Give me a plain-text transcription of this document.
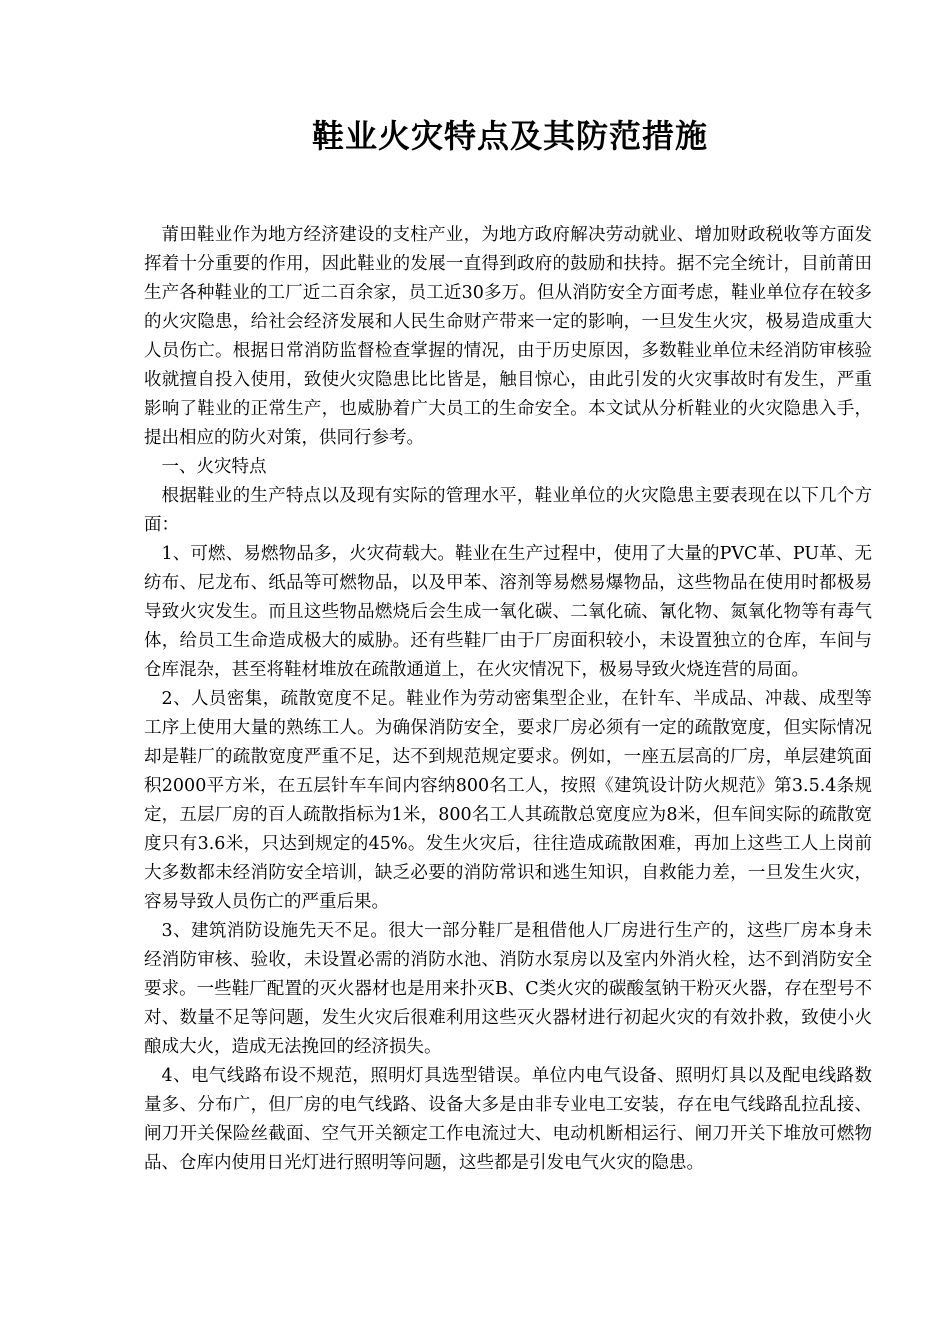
鞋业火灾特点及其防范措施

莆田鞋业作为地方经济建设的支柱产业，为地方政府解决劳动就业、增加财政税收等方面发挥着十分重要的作用，因此鞋业的发展一直得到政府的鼓励和扶持。据不完全统计，目前莆田生产各种鞋业的工厂近二百余家，员工近30多万。但从消防安全方面考虑，鞋业单位存在较多的火灾隐患，给社会经济发展和人民生命财产带来一定的影响，一旦发生火灾，极易造成重大人员伤亡。根据日常消防监督检查掌握的情况，由于历史原因，多数鞋业单位未经消防审核验收就擅自投入使用，致使火灾隐患比比皆是，触目惊心，由此引发的火灾事故时有发生，严重影响了鞋业的正常生产，也威胁着广大员工的生命安全。本文试从分析鞋业的火灾隐患入手，提出相应的防火对策，供同行参考。

一、火灾特点

根据鞋业的生产特点以及现有实际的管理水平，鞋业单位的火灾隐患主要表现在以下几个方面：

1、可燃、易燃物品多，火灾荷载大。鞋业在生产过程中，使用了大量的PVC革、PU革、无纺布、尼龙布、纸品等可燃物品，以及甲苯、溶剂等易燃易爆物品，这些物品在使用时都极易导致火灾发生。而且这些物品燃烧后会生成一氧化碳、二氧化硫、氰化物、氮氧化物等有毒气体，给员工生命造成极大的威胁。还有些鞋厂由于厂房面积较小，未设置独立的仓库，车间与仓库混杂，甚至将鞋材堆放在疏散通道上，在火灾情况下，极易导致火烧连营的局面。

2、人员密集，疏散宽度不足。鞋业作为劳动密集型企业，在针车、半成品、冲裁、成型等工序上使用大量的熟练工人。为确保消防安全，要求厂房必须有一定的疏散宽度，但实际情况却是鞋厂的疏散宽度严重不足，达不到规范规定要求。例如，一座五层高的厂房，单层建筑面积2000平方米，在五层针车车间内容纳800名工人，按照《建筑设计防火规范》第3.5.4条规定，五层厂房的百人疏散指标为1米，800名工人其疏散总宽度应为8米，但车间实际的疏散宽度只有3.6米，只达到规定的45%。发生火灾后，往往造成疏散困难，再加上这些工人上岗前大多数都未经消防安全培训，缺乏必要的消防常识和逃生知识，自救能力差，一旦发生火灾，容易导致人员伤亡的严重后果。

3、建筑消防设施先天不足。很大一部分鞋厂是租借他人厂房进行生产的，这些厂房本身未经消防审核、验收，未设置必需的消防水池、消防水泵房以及室内外消火栓，达不到消防安全要求。一些鞋厂配置的灭火器材也是用来扑灭B、C类火灾的碳酸氢钠干粉灭火器，存在型号不对、数量不足等问题，发生火灾后很难利用这些灭火器材进行初起火灾的有效扑救，致使小火酿成大火，造成无法挽回的经济损失。

4、电气线路布设不规范，照明灯具选型错误。单位内电气设备、照明灯具以及配电线路数量多、分布广，但厂房的电气线路、设备大多是由非专业电工安装，存在电气线路乱拉乱接、闸刀开关保险丝截面、空气开关额定工作电流过大、电动机断相运行、闸刀开关下堆放可燃物品、仓库内使用日光灯进行照明等问题，这些都是引发电气火灾的隐患。
